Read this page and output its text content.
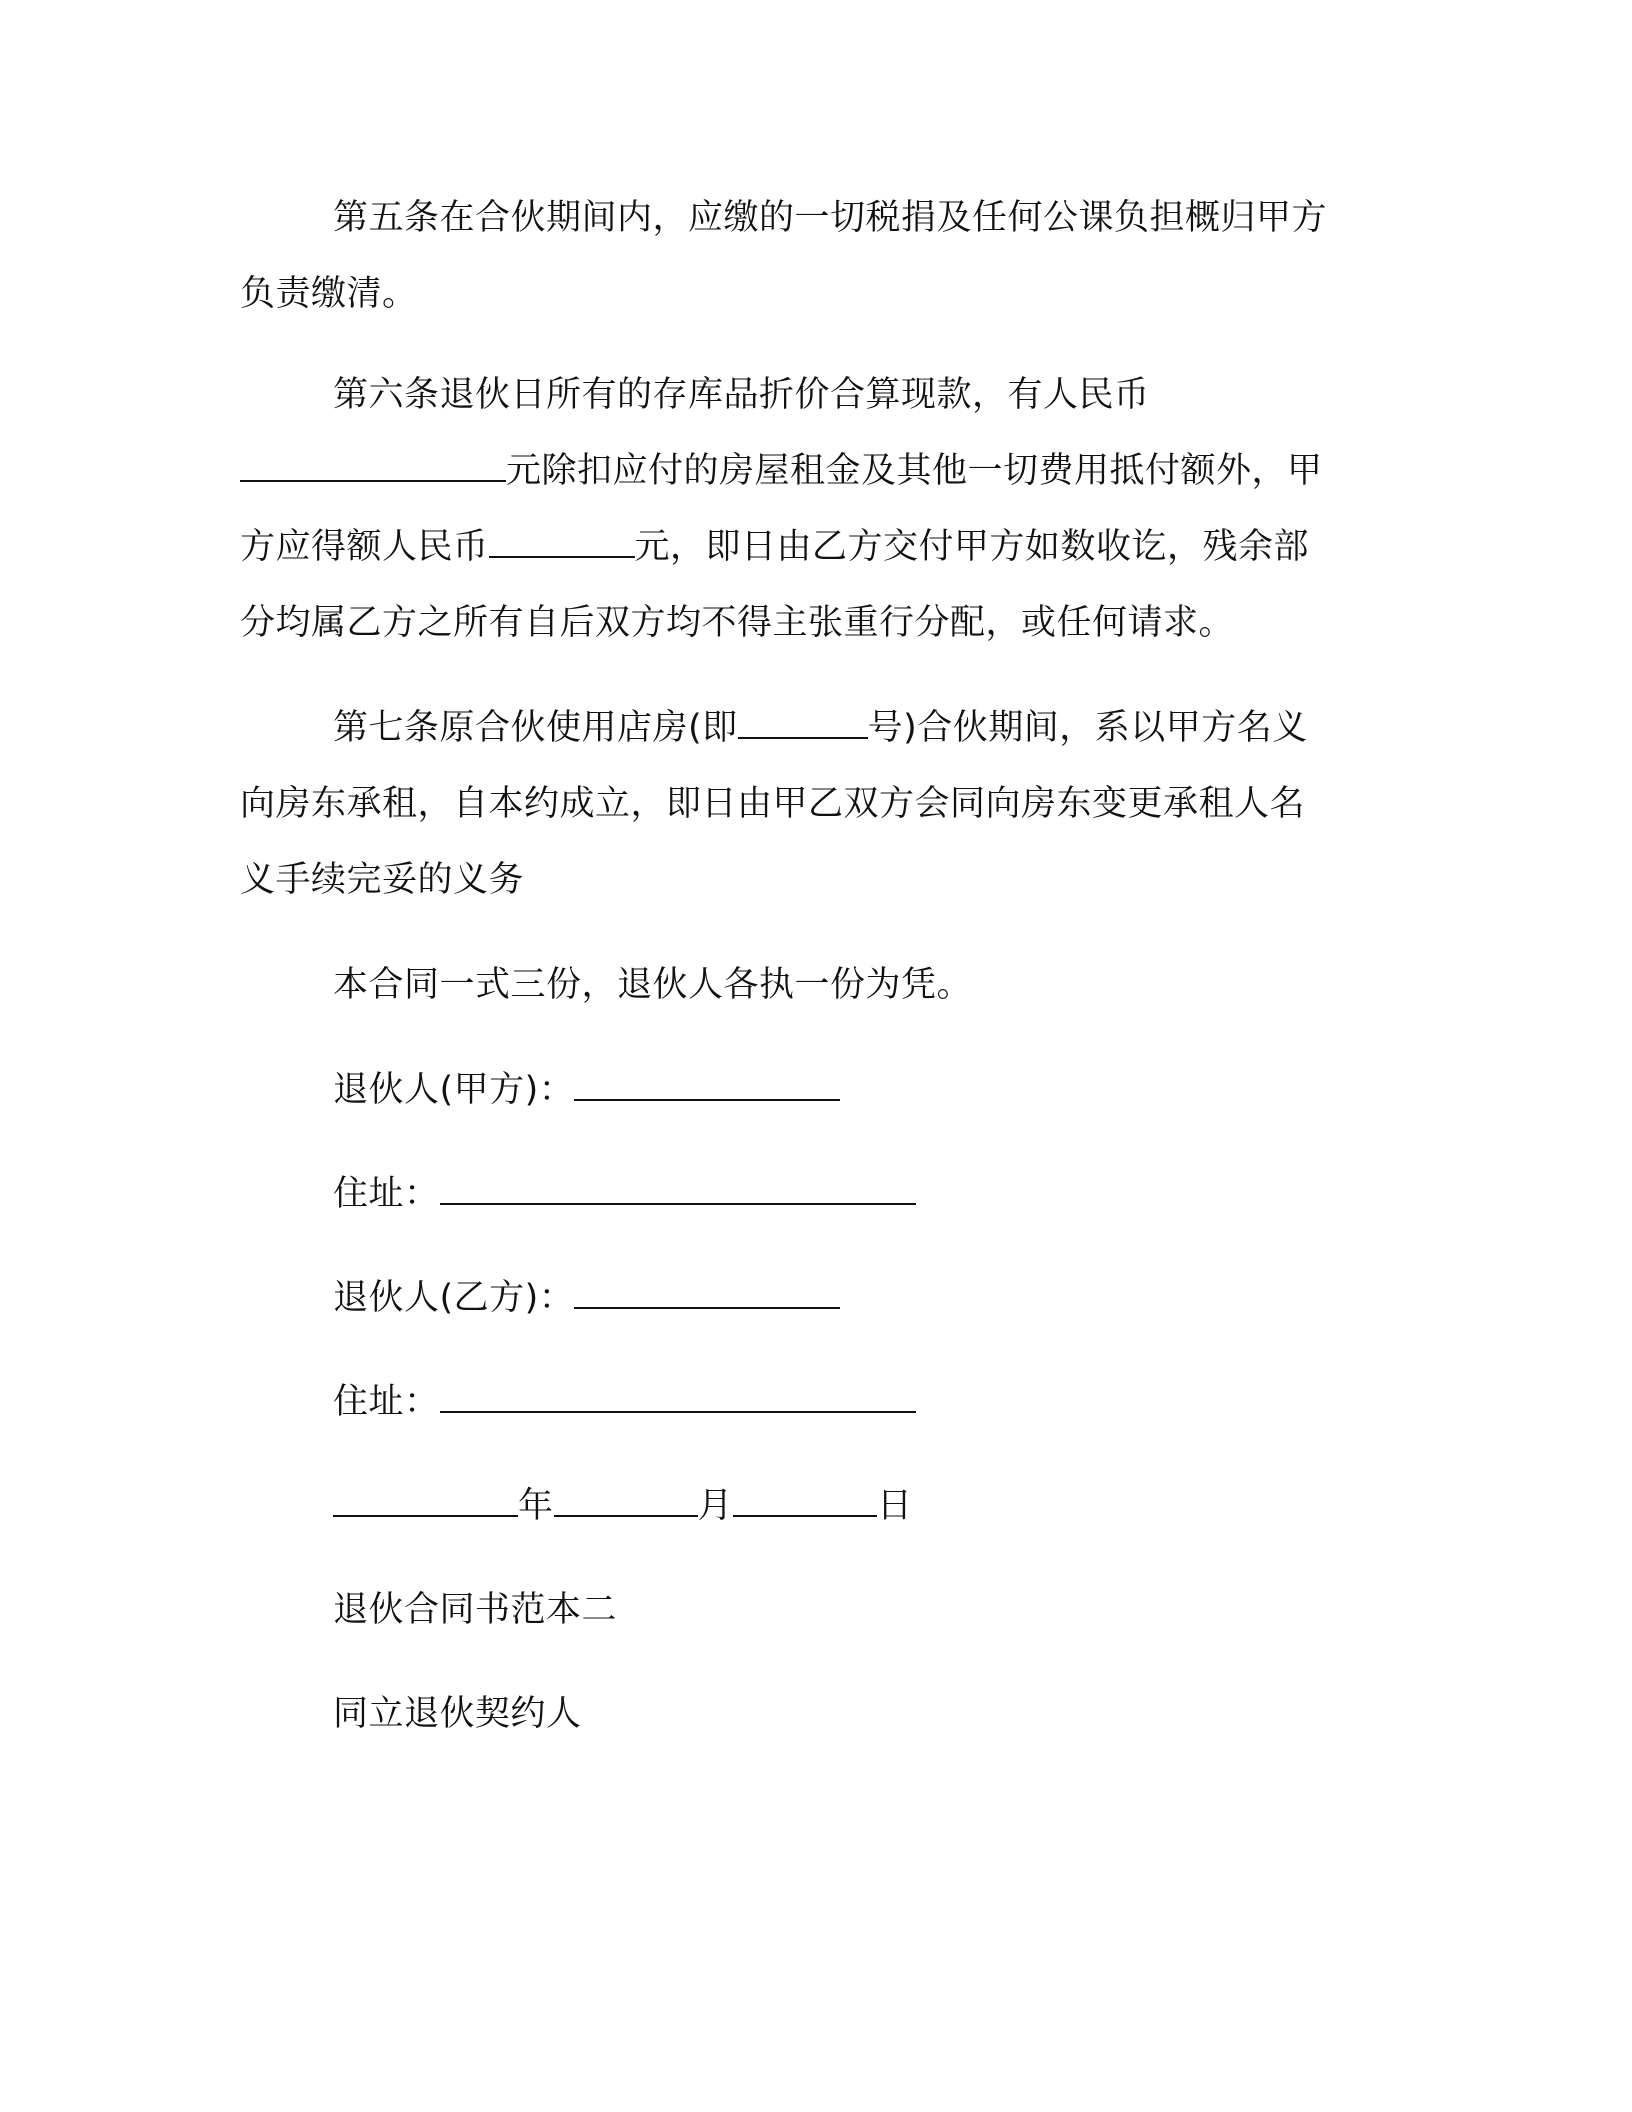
第五条在合伙期间内，应缴的一切税捐及任何公课负担概归甲方
负责缴清。
第六条退伙日所有的存库品折价合算现款，有人民币
元除扣应付的房屋租金及其他一切费用抵付额外，甲
方应得额人民币	元，即日由乙方交付甲方如数收讫，残余部
分均属乙方之所有自后双方均不得主张重行分配，或任何请求。
第七条原合伙使用店房(即	号)合伙期间，系以甲方名义
向房东承租，自本约成立，即日由甲乙双方会同向房东变更承租人名
义手续完妥的义务
本合同一式三份，退伙人各执一份为凭。
退伙人(甲方)：
住址：
退伙人(乙方)：
住址：
年	月	日
退伙合同书范本二
同立退伙契约人
